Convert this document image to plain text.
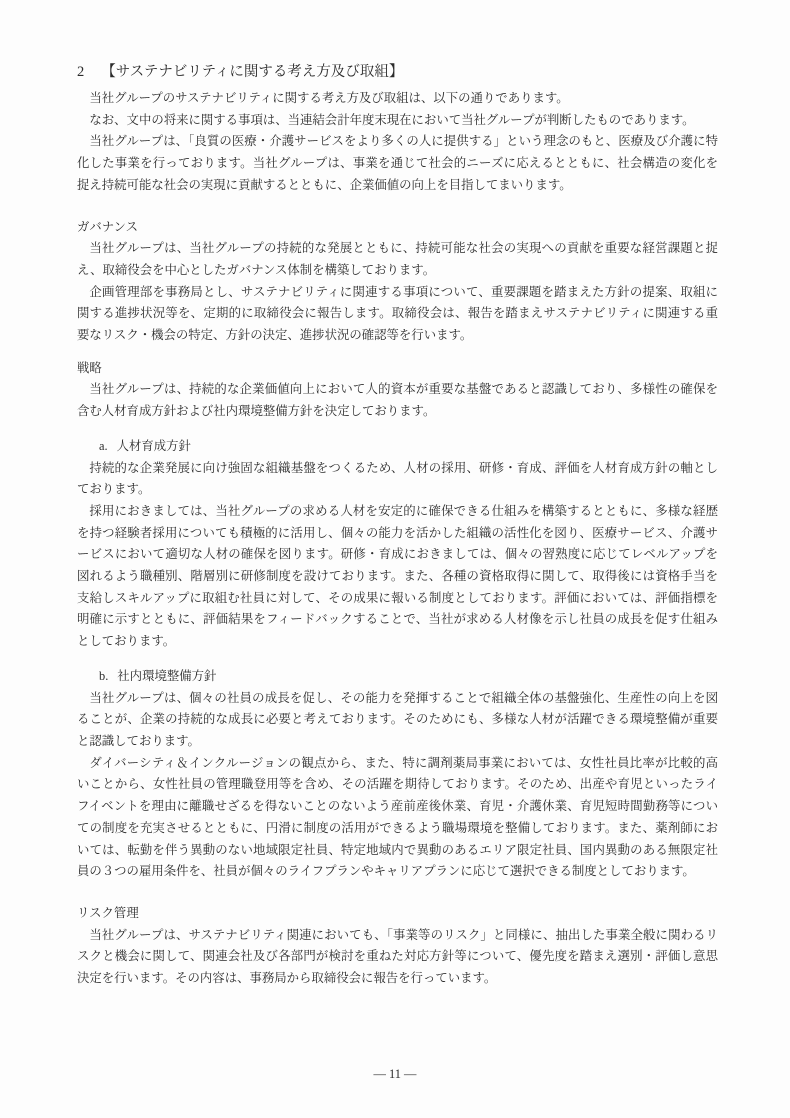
2 【サステナビリティに関する考え方及び取組】

当社グループのサステナビリティに関する考え方及び取組は、以下の通りであります。

なお、文中の将来に関する事項は、当連結会計年度末現在において当社グループが判断したものであります。

当社グループは、「良質の医療・介護サービスをより多くの人に提供する」という理念のもと、医療及び介護に特化した事業を行っております。当社グループは、事業を通じて社会的ニーズに応えるとともに、社会構造の変化を捉え持続可能な社会の実現に貢献するとともに、企業価値の向上を目指してまいります。

ガバナンス

当社グループは、当社グループの持続的な発展とともに、持続可能な社会の実現への貢献を重要な経営課題と捉え、取締役会を中心としたガバナンス体制を構築しております。

企画管理部を事務局とし、サステナビリティに関連する事項について、重要課題を踏まえた方針の提案、取組に関する進捗状況等を、定期的に取締役会に報告します。取締役会は、報告を踏まえサステナビリティに関連する重要なリスク・機会の特定、方針の決定、進捗状況の確認等を行います。

戦略

当社グループは、持続的な企業価値向上において人的資本が重要な基盤であると認識しており、多様性の確保を含む人材育成方針および社内環境整備方針を決定しております。

a. 人材育成方針

持続的な企業発展に向け強固な組織基盤をつくるため、人材の採用、研修・育成、評価を人材育成方針の軸としております。

採用におきましては、当社グループの求める人材を安定的に確保できる仕組みを構築するとともに、多様な経歴を持つ経験者採用についても積極的に活用し、個々の能力を活かした組織の活性化を図り、医療サービス、介護サービスにおいて適切な人材の確保を図ります。研修・育成におきましては、個々の習熟度に応じてレベルアップを図れるよう職種別、階層別に研修制度を設けております。また、各種の資格取得に関して、取得後には資格手当を支給しスキルアップに取組む社員に対して、その成果に報いる制度としております。評価においては、評価指標を明確に示すとともに、評価結果をフィードバックすることで、当社が求める人材像を示し社員の成長を促す仕組みとしております。

b. 社内環境整備方針

当社グループは、個々の社員の成長を促し、その能力を発揮することで組織全体の基盤強化、生産性の向上を図ることが、企業の持続的な成長に必要と考えております。そのためにも、多様な人材が活躍できる環境整備が重要と認識しております。

ダイバーシティ＆インクルージョンの観点から、また、特に調剤薬局事業においては、女性社員比率が比較的高いことから、女性社員の管理職登用等を含め、その活躍を期待しております。そのため、出産や育児といったライフイベントを理由に離職せざるを得ないことのないよう産前産後休業、育児・介護休業、育児短時間勤務等についての制度を充実させるとともに、円滑に制度の活用ができるよう職場環境を整備しております。また、薬剤師においては、転勤を伴う異動のない地域限定社員、特定地域内で異動のあるエリア限定社員、国内異動のある無限定社員の３つの雇用条件を、社員が個々のライフプランやキャリアプランに応じて選択できる制度としております。

リスク管理

当社グループは、サステナビリティ関連においても、「事業等のリスク」と同様に、抽出した事業全般に関わるリスクと機会に関して、関連会社及び各部門が検討を重ねた対応方針等について、優先度を踏まえ選別・評価し意思決定を行います。その内容は、事務局から取締役会に報告を行っています。

― 11 ―
